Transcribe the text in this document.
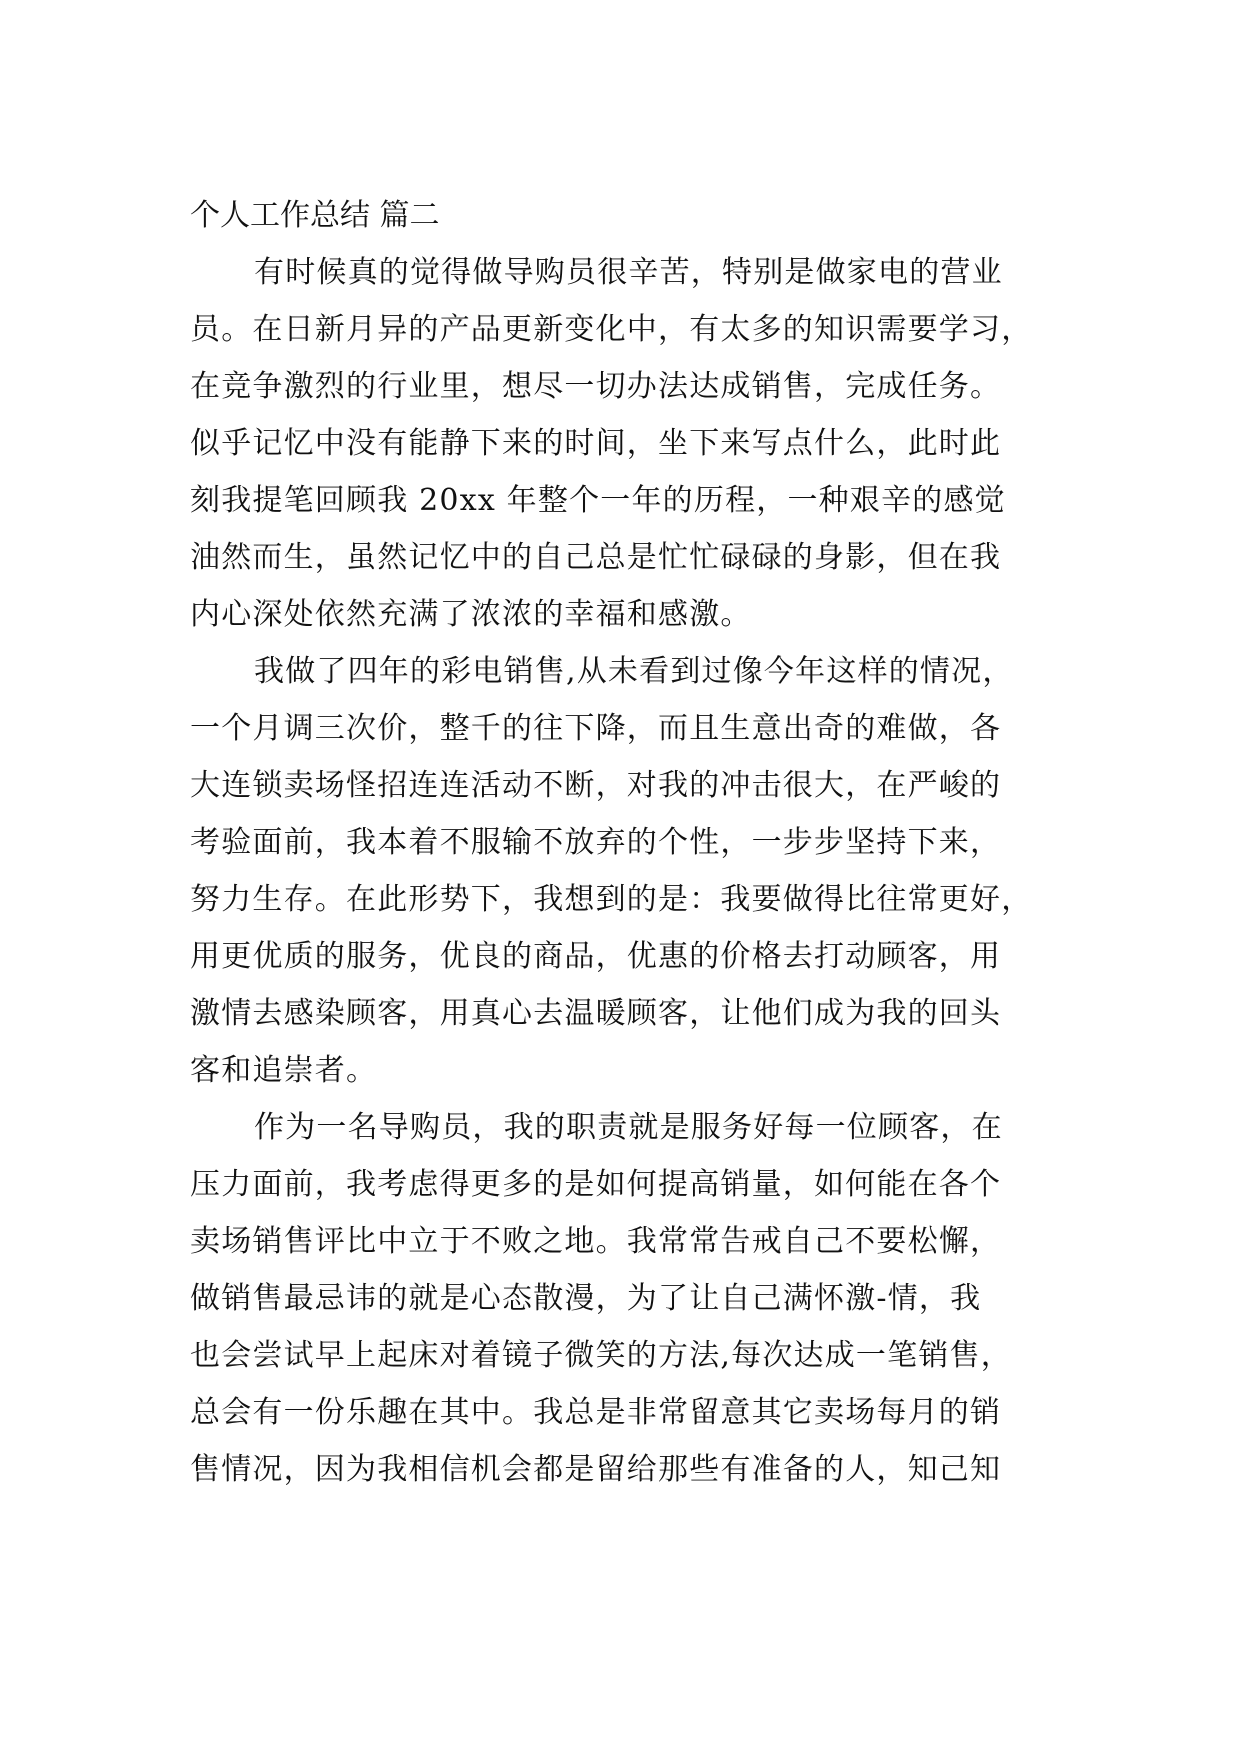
个人工作总结 篇二
有时候真的觉得做导购员很辛苦，特别是做家电的营业
员。在日新月异的产品更新变化中，有太多的知识需要学习，
在竞争激烈的行业里，想尽一切办法达成销售，完成任务。
似乎记忆中没有能静下来的时间，坐下来写点什么，此时此
刻我提笔回顾我 20xx 年整个一年的历程，一种艰辛的感觉
油然而生，虽然记忆中的自己总是忙忙碌碌的身影，但在我
内心深处依然充满了浓浓的幸福和感激。
我做了四年的彩电销售,从未看到过像今年这样的情况，
一个月调三次价，整千的往下降，而且生意出奇的难做，各
大连锁卖场怪招连连活动不断，对我的冲击很大，在严峻的
考验面前，我本着不服输不放弃的个性，一步步坚持下来，
努力生存。在此形势下，我想到的是：我要做得比往常更好，
用更优质的服务，优良的商品，优惠的价格去打动顾客，用
激情去感染顾客，用真心去温暖顾客，让他们成为我的回头
客和追崇者。
作为一名导购员，我的职责就是服务好每一位顾客，在
压力面前，我考虑得更多的是如何提高销量，如何能在各个
卖场销售评比中立于不败之地。我常常告戒自己不要松懈，
做销售最忌讳的就是心态散漫，为了让自己满怀激-情，我
也会尝试早上起床对着镜子微笑的方法,每次达成一笔销售，
总会有一份乐趣在其中。我总是非常留意其它卖场每月的销
售情况，因为我相信机会都是留给那些有准备的人，知己知
